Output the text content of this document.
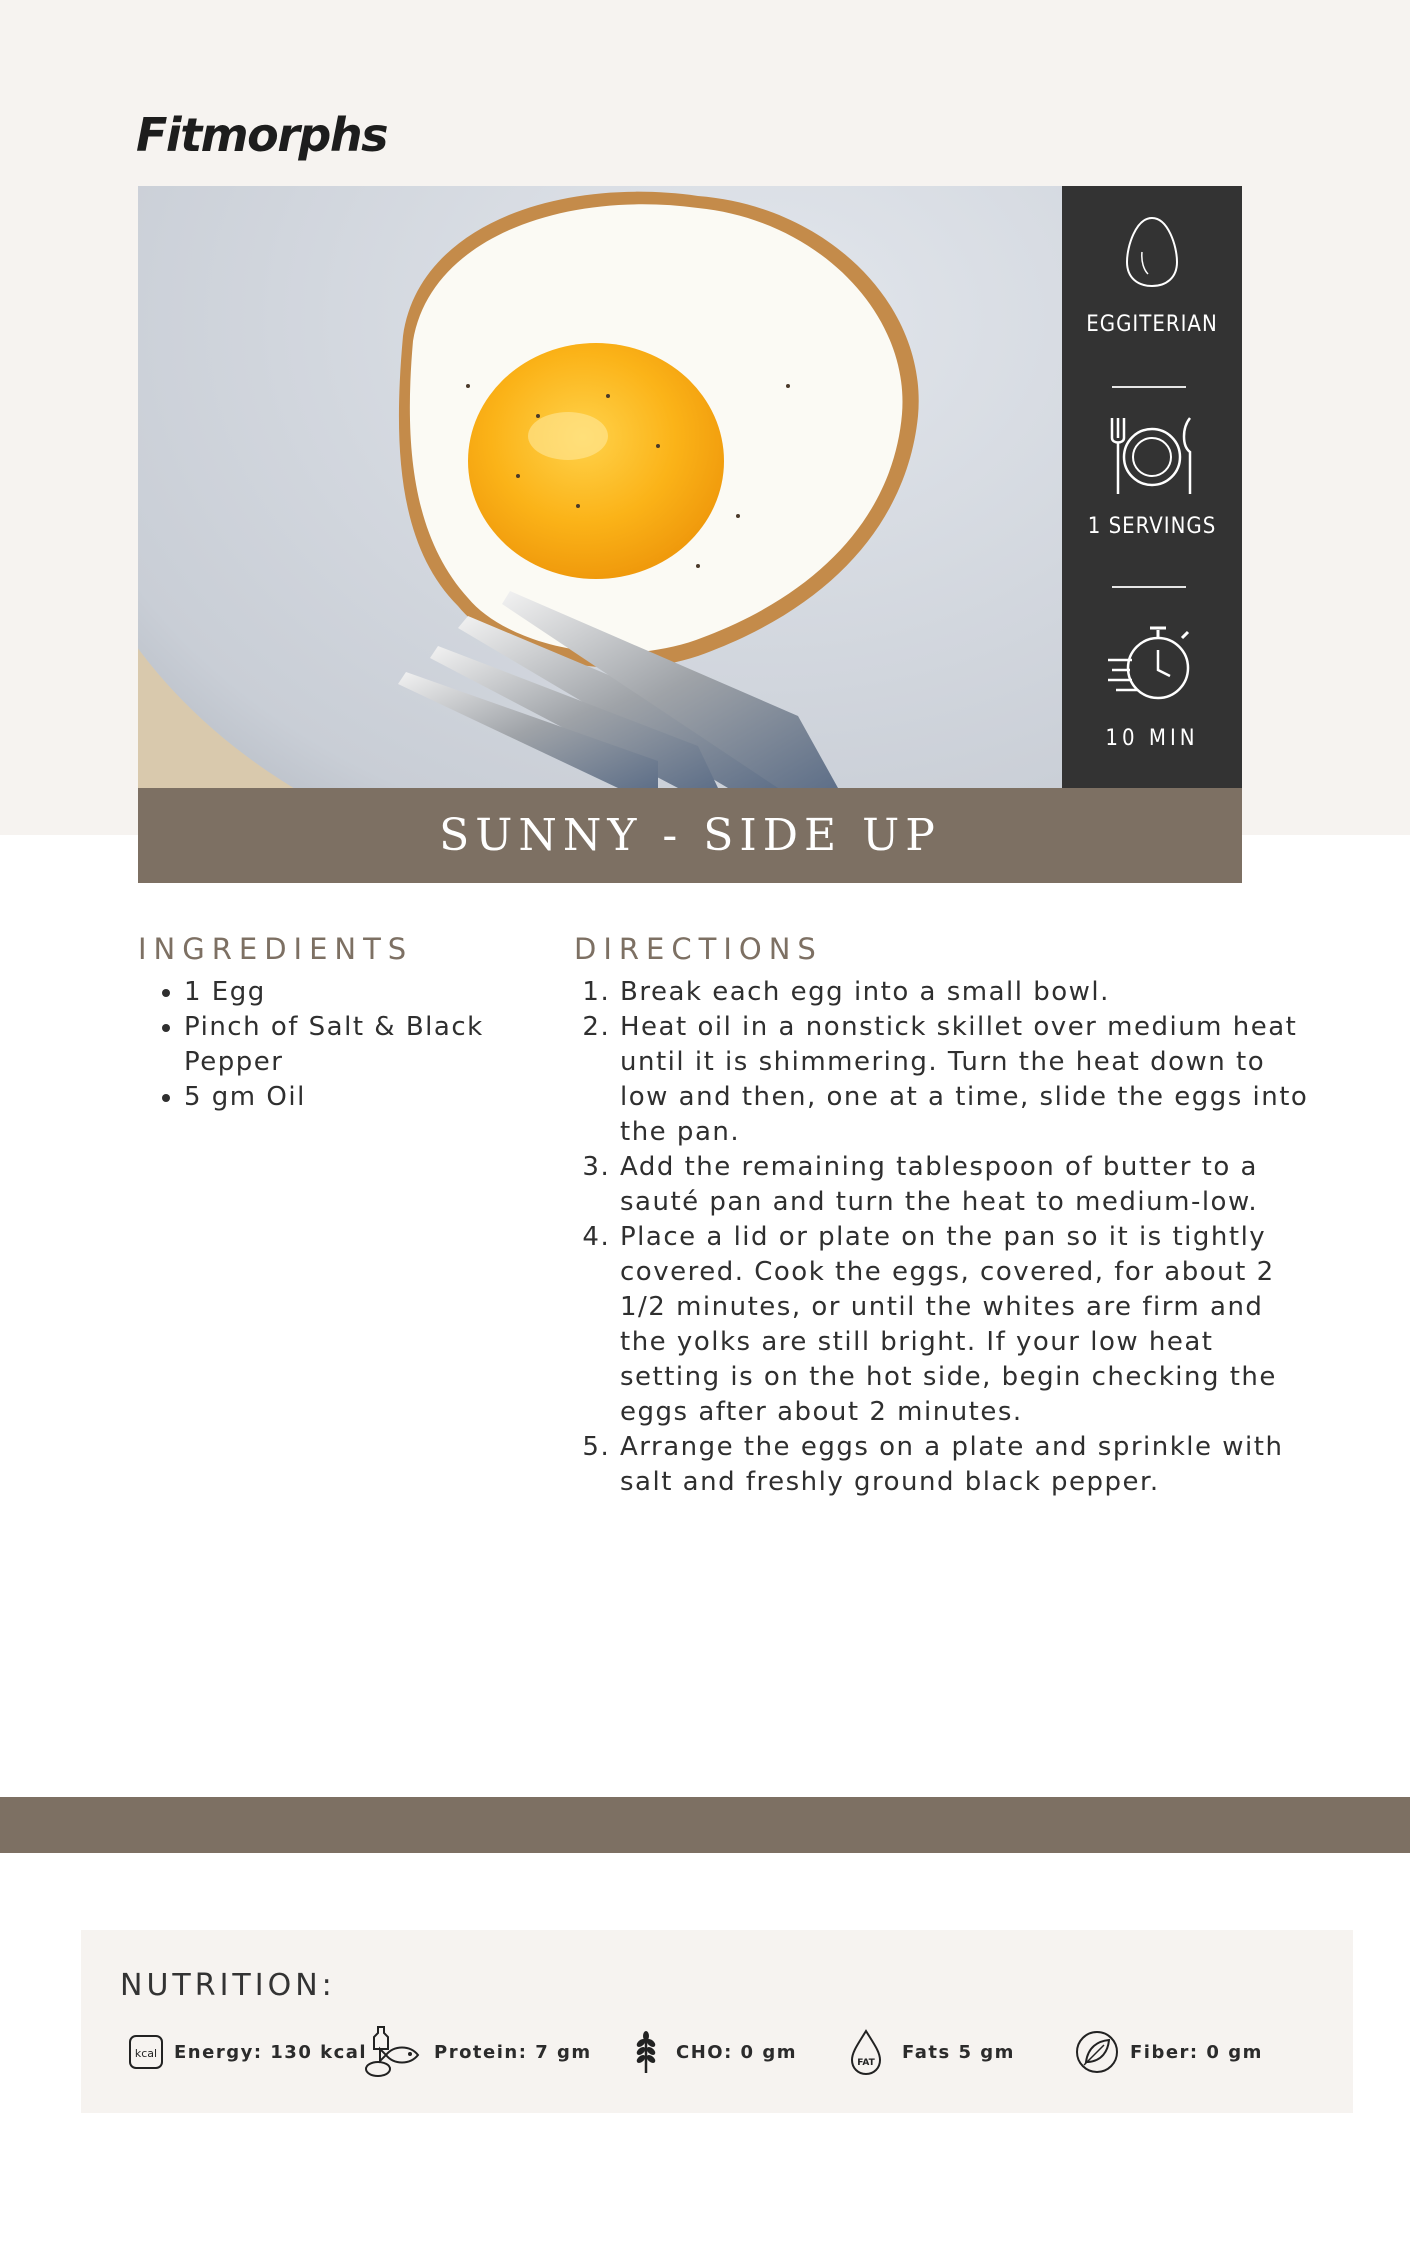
Fitmorphs
EGGITERIAN
1 SERVINGS
10 MIN
SUNNY - SIDE UP
INGREDIENTS
• 1 Egg
• Pinch of Salt & Black Pepper
• 5 gm Oil
DIRECTIONS
1. Break each egg into a small bowl.
2. Heat oil in a nonstick skillet over medium heat until it is shimmering. Turn the heat down to low and then, one at a time, slide the eggs into the pan.
3. Add the remaining tablespoon of butter to a sauté pan and turn the heat to medium-low.
4. Place a lid or plate on the pan so it is tightly covered. Cook the eggs, covered, for about 2 1/2 minutes, or until the whites are firm and the yolks are still bright. If your low heat setting is on the hot side, begin checking the eggs after about 2 minutes.
5. Arrange the eggs on a plate and sprinkle with salt and freshly ground black pepper.
NUTRITION:
kcal Energy: 130 kcal	Protein: 7 gm	CHO: 0 gm
FAT
Fats 5 gm	Fiber: 0 gm
